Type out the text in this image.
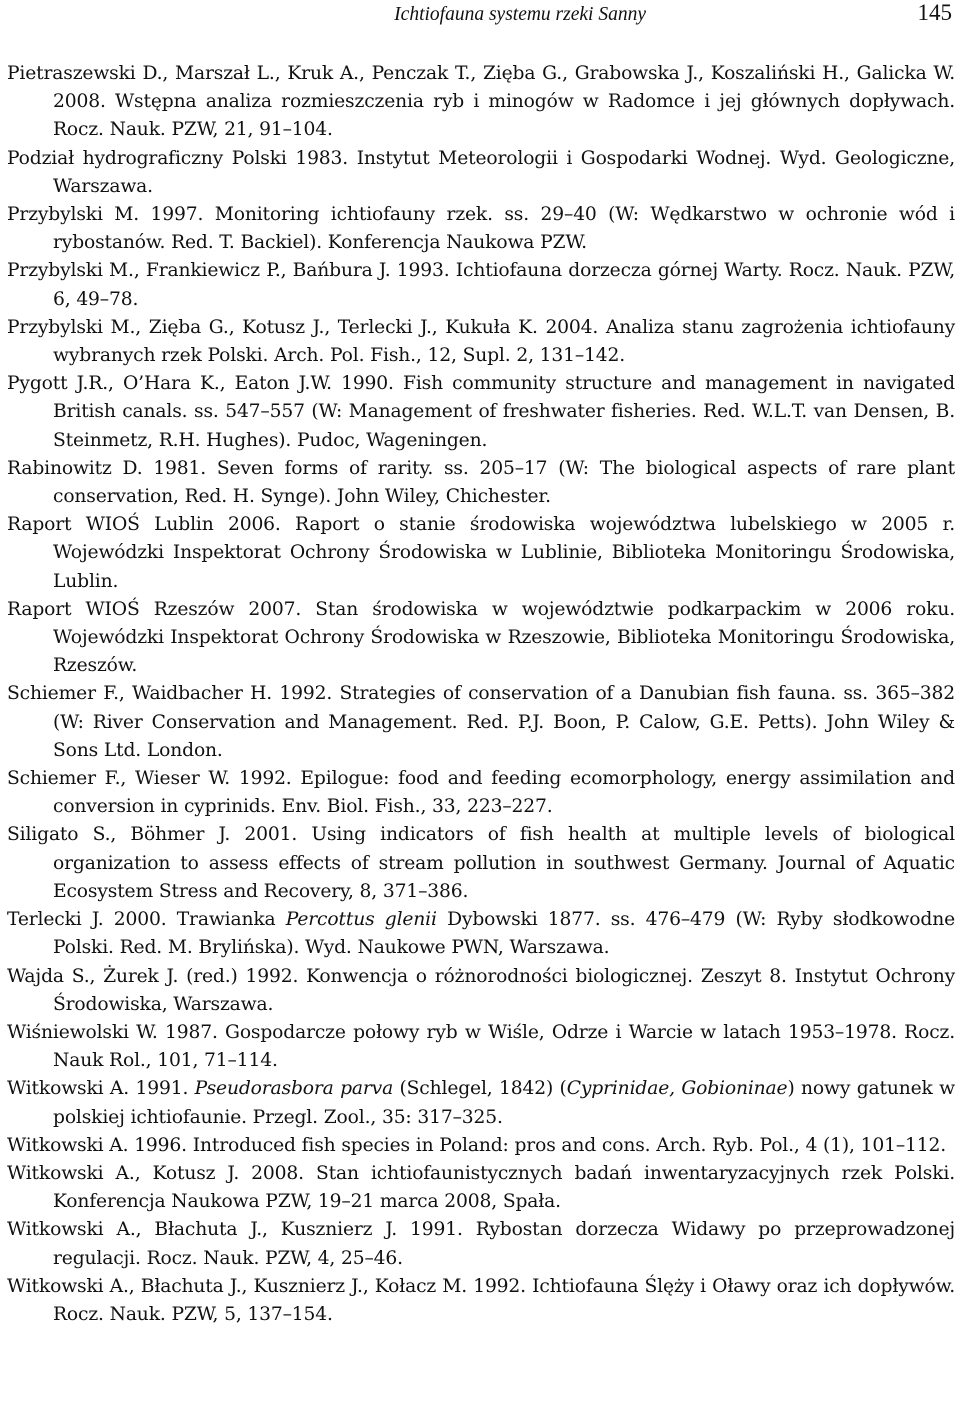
Ichtiofauna systemu rzeki Sanny	145

Pietraszewski D., Marszał L., Kruk A., Penczak T., Zięba G., Grabowska J., Koszaliński H., Galicka W. 2008. Wstępna analiza rozmieszczenia ryb i minogów w Radomce i jej głównych dopływach. Rocz. Nauk. PZW, 21, 91–104.

Podział hydrograficzny Polski 1983. Instytut Meteorologii i Gospodarki Wodnej. Wyd. Geologiczne, Warszawa.

Przybylski M. 1997. Monitoring ichtiofauny rzek. ss. 29–40 (W: Wędkarstwo w ochronie wód i rybostanów. Red. T. Backiel). Konferencja Naukowa PZW.

Przybylski M., Frankiewicz P., Bańbura J. 1993. Ichtiofauna dorzecza górnej Warty. Rocz. Nauk. PZW, 6, 49–78.

Przybylski M., Zięba G., Kotusz J., Terlecki J., Kukuła K. 2004. Analiza stanu zagrożenia ichtiofauny wybranych rzek Polski. Arch. Pol. Fish., 12, Supl. 2, 131–142.

Pygott J.R., O’Hara K., Eaton J.W. 1990. Fish community structure and management in navigated British canals. ss. 547–557 (W: Management of freshwater fisheries. Red. W.L.T. van Densen, B. Steinmetz, R.H. Hughes). Pudoc, Wageningen.

Rabinowitz D. 1981. Seven forms of rarity. ss. 205–17 (W: The biological aspects of rare plant conservation, Red. H. Synge). John Wiley, Chichester.

Raport WIOŚ Lublin 2006. Raport o stanie środowiska województwa lubelskiego w 2005 r. Wojewódzki Inspektorat Ochrony Środowiska w Lublinie, Biblioteka Monitoringu Środowiska, Lublin.

Raport WIOŚ Rzeszów 2007. Stan środowiska w województwie podkarpackim w 2006 roku. Wojewódzki Inspektorat Ochrony Środowiska w Rzeszowie, Biblioteka Monitoringu Środowiska, Rzeszów.

Schiemer F., Waidbacher H. 1992. Strategies of conservation of a Danubian fish fauna. ss. 365–382 (W: River Conservation and Management. Red. P.J. Boon, P. Calow, G.E. Petts). John Wiley & Sons Ltd. London.

Schiemer F., Wieser W. 1992. Epilogue: food and feeding ecomorphology, energy assimilation and conversion in cyprinids. Env. Biol. Fish., 33, 223–227.

Siligato S., Böhmer J. 2001. Using indicators of fish health at multiple levels of biological organization to assess effects of stream pollution in southwest Germany. Journal of Aquatic Ecosystem Stress and Recovery, 8, 371–386.

Terlecki J. 2000. Trawianka Percottus glenii Dybowski 1877. ss. 476–479 (W: Ryby słodkowodne Polski. Red. M. Brylińska). Wyd. Naukowe PWN, Warszawa.

Wajda S., Żurek J. (red.) 1992. Konwencja o różnorodności biologicznej. Zeszyt 8. Instytut Ochrony Środowiska, Warszawa.

Wiśniewolski W. 1987. Gospodarcze połowy ryb w Wiśle, Odrze i Warcie w latach 1953–1978. Rocz. Nauk Rol., 101, 71–114.

Witkowski A. 1991. Pseudorasbora parva (Schlegel, 1842) (Cyprinidae, Gobioninae) nowy gatunek w polskiej ichtiofaunie. Przegl. Zool., 35: 317–325.

Witkowski A. 1996. Introduced fish species in Poland: pros and cons. Arch. Ryb. Pol., 4 (1), 101–112.

Witkowski A., Kotusz J. 2008. Stan ichtiofaunistycznych badań inwentaryzacyjnych rzek Polski. Konferencja Naukowa PZW, 19–21 marca 2008, Spała.

Witkowski A., Błachuta J., Kusznierz J. 1991. Rybostan dorzecza Widawy po przeprowadzonej regulacji. Rocz. Nauk. PZW, 4, 25–46.

Witkowski A., Błachuta J., Kusznierz J., Kołacz M. 1992. Ichtiofauna Ślęży i Oławy oraz ich dopływów. Rocz. Nauk. PZW, 5, 137–154.
